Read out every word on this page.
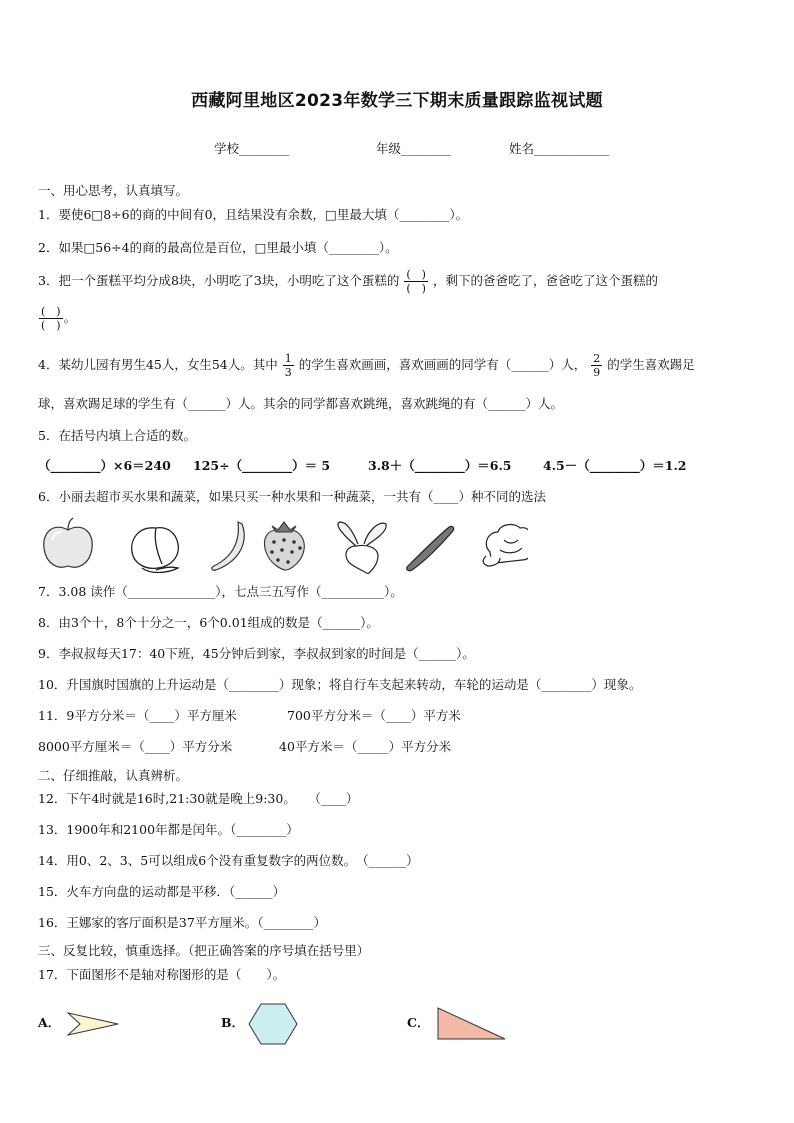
西藏阿里地区2023年数学三下期末质量跟踪监视试题
学校________	年级________	姓名____________
一、用心思考，认真填写。
1．要使6□8÷6的商的中间有0，且结果没有余数，□里最大填（________）。
2．如果□56÷4的商的最高位是百位，□里最小填（________）。
3．把一个蛋糕平均分成8块，小明吃了3块，小明吃了这个蛋糕的 $\frac{( )}{( )}$ ，剩下的爸爸吃了，爸爸吃了这个蛋糕的
$\frac{( )}{( )}$ 。
4．某幼儿园有男生45人，女生54人。其中 $\frac{1}{3}$ 的学生喜欢画画，喜欢画画的同学有（______）人， $\frac{2}{9}$ 的学生喜欢踢足
球，喜欢踢足球的学生有（______）人。其余的同学都喜欢跳绳，喜欢跳绳的有（______）人。
5．在括号内填上合适的数。
（________）×6＝240 125÷（________）＝ 5	3.8＋（________）＝6.5	4.5－（________）＝1.2
6．小丽去超市买水果和蔬菜，如果只买一种水果和一种蔬菜，一共有（____）种不同的选法
7．3.08 读作（______________），七点三五写作（__________）。
8．由3个十，8个十分之一，6个0.01组成的数是（______）。
9．李叔叔每天17：40下班，45分钟后到家，李叔叔到家的时间是（______）。
10．升国旗时国旗的上升运动是（________）现象；将自行车支起来转动，车轮的运动是（________）现象。
11．9平方分米＝（____）平方厘米	700平方分米＝（____）平方米
8000平方厘米＝（____）平方分米	40平方米＝（_____）平方分米
二、仔细推敲，认真辨析。
12．下午4时就是16时,21:30就是晚上9:30。　　（____）
13．1900年和2100年都是闰年。（________）
14．用0、2、3、5可以组成6个没有重复数字的两位数。　（______）
15．火车方向盘的运动都是平移．（______）
16．王娜家的客厅面积是37平方厘米。（________）
三、反复比较，慎重选择。（把正确答案的序号填在括号里）
17．下面图形不是轴对称图形的是（　　）。
A．	B．	C．
